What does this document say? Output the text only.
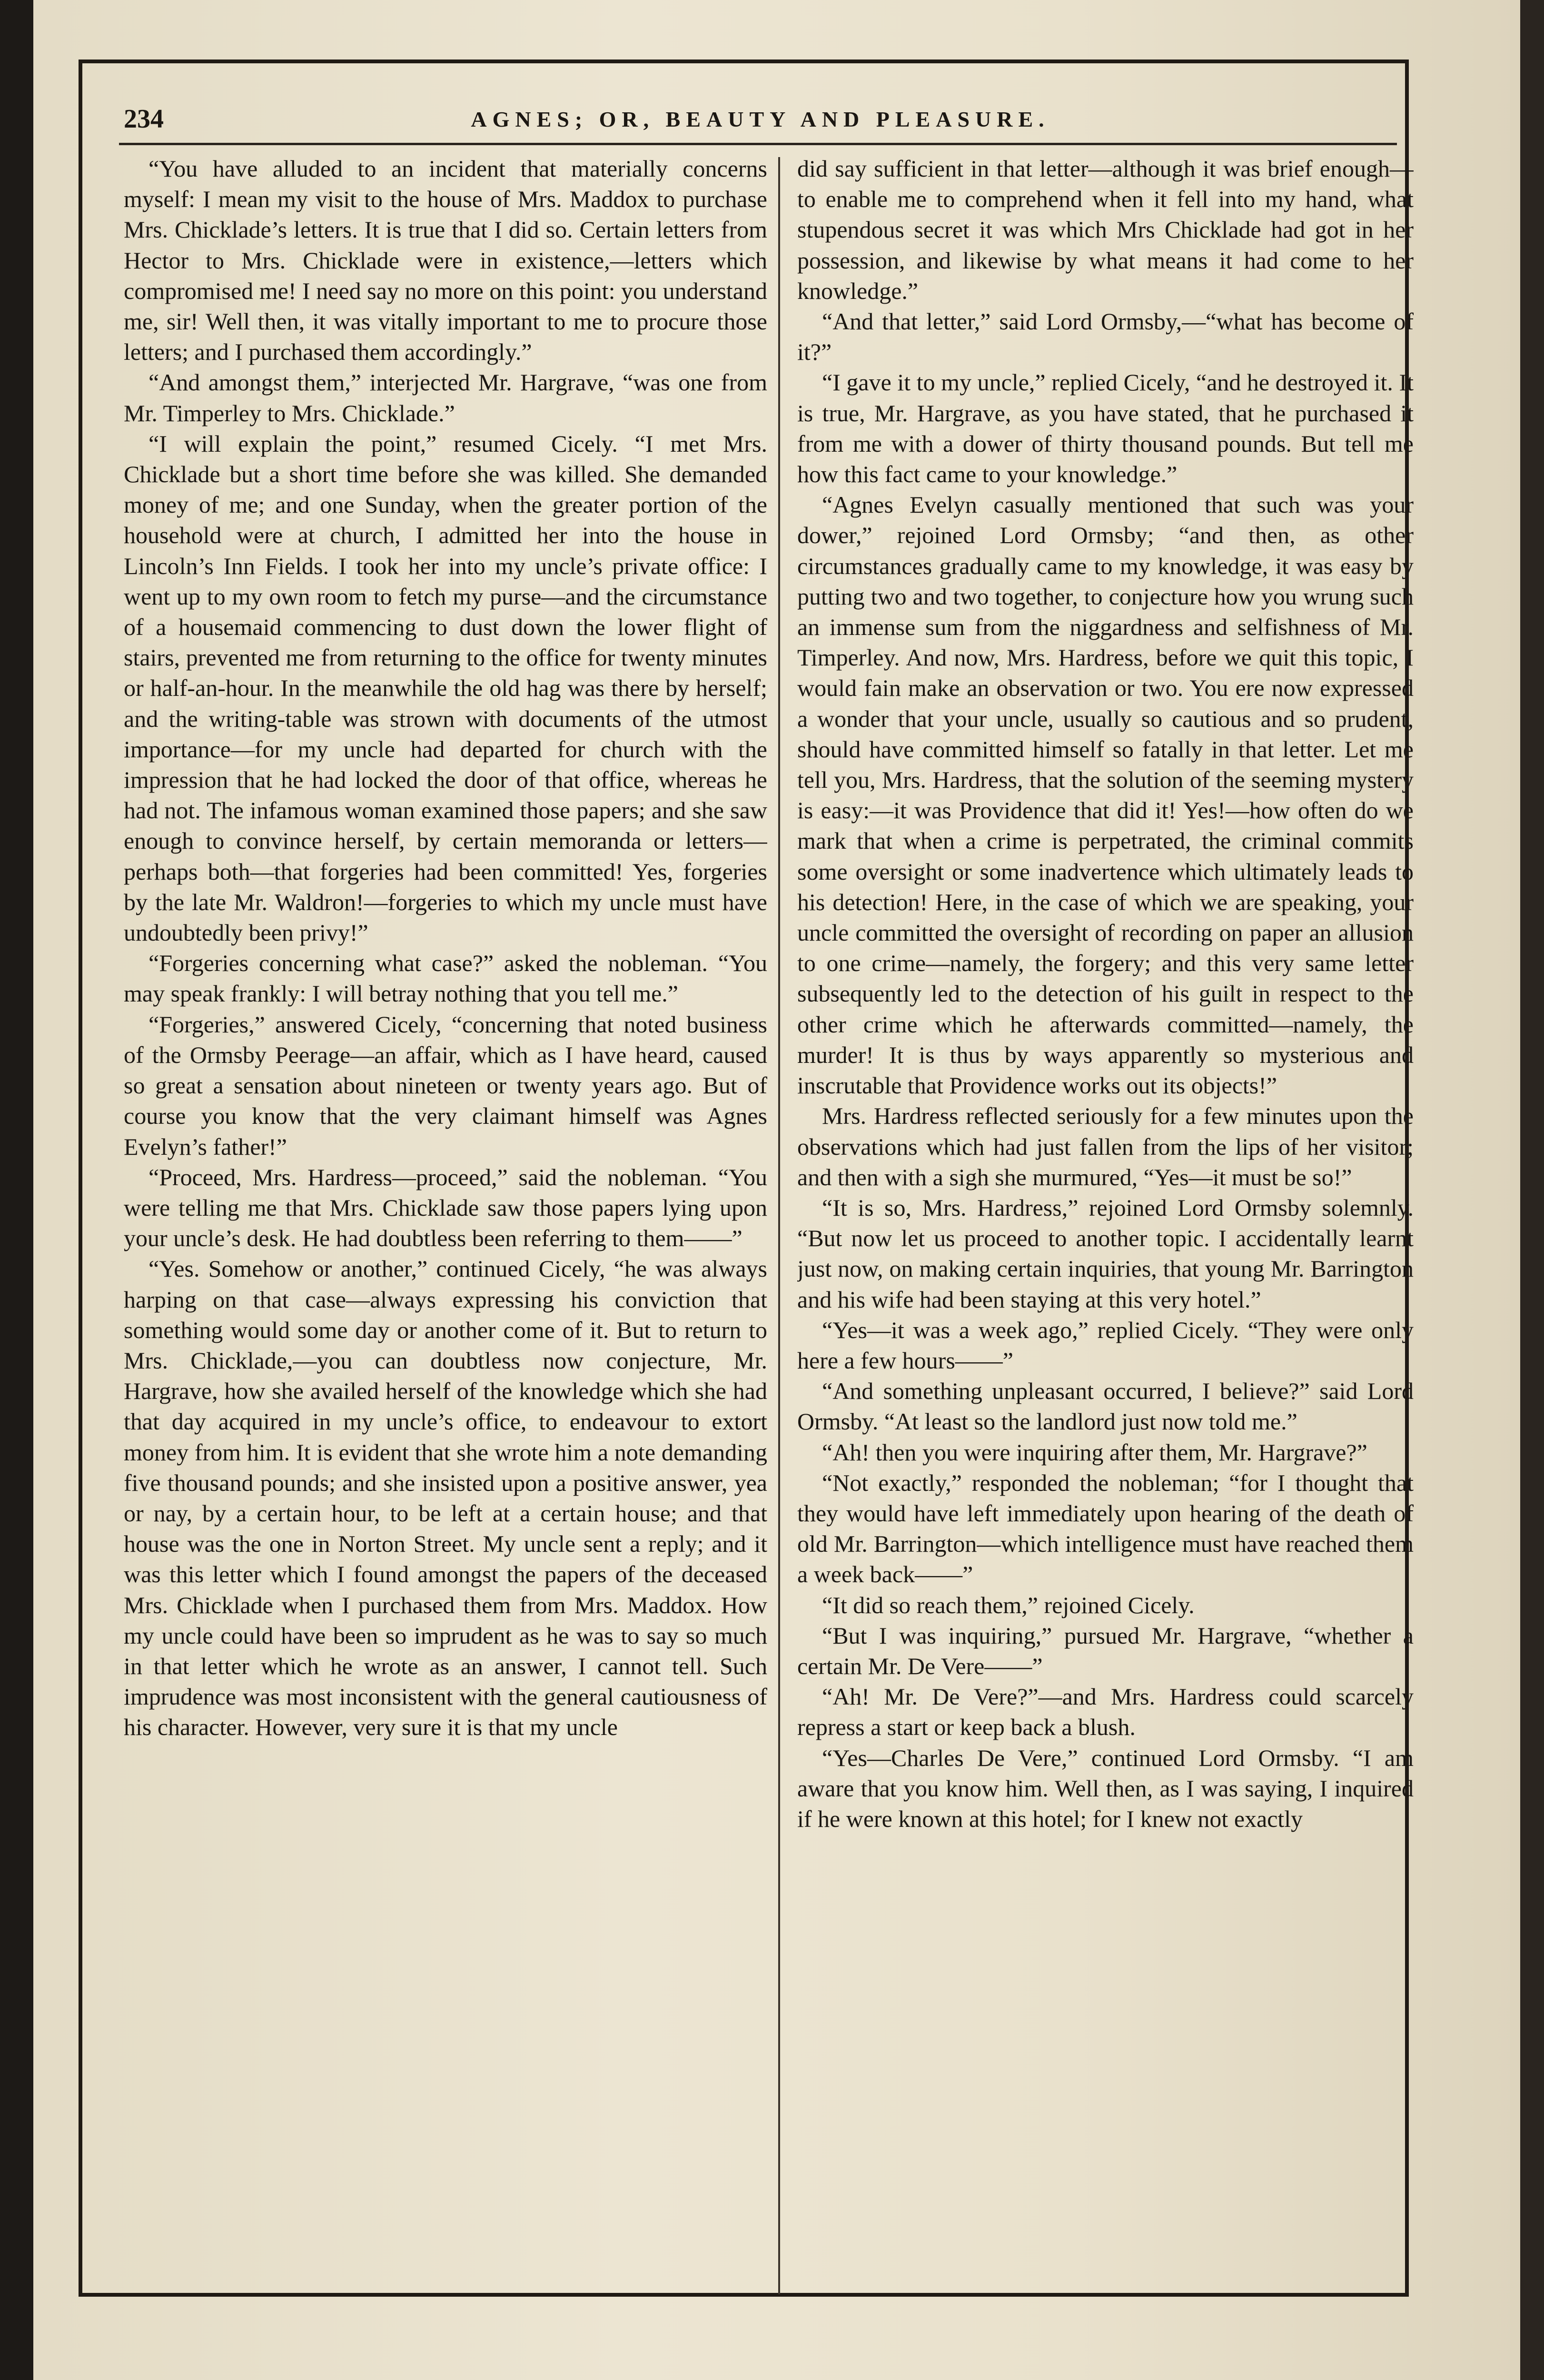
234	AGNES; OR, BEAUTY AND PLEASURE.

“You have alluded to an incident that materially concerns myself: I mean my visit to the house of Mrs. Maddox to purchase Mrs. Chicklade’s letters. It is true that I did so. Certain letters from Hector to Mrs. Chicklade were in existence,—letters which compromised me! I need say no more on this point: you understand me, sir! Well then, it was vitally important to me to procure those letters; and I purchased them accordingly.”

“And amongst them,” interjected Mr. Hargrave, “was one from Mr. Timperley to Mrs. Chicklade.”

“I will explain the point,” resumed Cicely. “I met Mrs. Chicklade but a short time before she was killed. She demanded money of me; and one Sunday, when the greater portion of the household were at church, I admitted her into the house in Lincoln’s Inn Fields. I took her into my uncle’s private office: I went up to my own room to fetch my purse—and the circumstance of a housemaid commencing to dust down the lower flight of stairs, prevented me from returning to the office for twenty minutes or half-an-hour. In the meanwhile the old hag was there by herself; and the writing-table was strown with documents of the utmost importance—for my uncle had departed for church with the impression that he had locked the door of that office, whereas he had not. The infamous woman examined those papers; and she saw enough to convince herself, by certain memoranda or letters—perhaps both—that forgeries had been committed! Yes, forgeries by the late Mr. Waldron!—forgeries to which my uncle must have undoubtedly been privy!”

“Forgeries concerning what case?” asked the nobleman. “You may speak frankly: I will betray nothing that you tell me.”

“Forgeries,” answered Cicely, “concerning that noted business of the Ormsby Peerage—an affair, which as I have heard, caused so great a sensation about nineteen or twenty years ago. But of course you know that the very claimant himself was Agnes Evelyn’s father!”

“Proceed, Mrs. Hardress—proceed,” said the nobleman. “You were telling me that Mrs. Chicklade saw those papers lying upon your uncle’s desk. He had doubtless been referring to them——”

“Yes. Somehow or another,” continued Cicely, “he was always harping on that case—always expressing his conviction that something would some day or another come of it. But to return to Mrs. Chicklade,—you can doubtless now conjecture, Mr. Hargrave, how she availed herself of the knowledge which she had that day acquired in my uncle’s office, to endeavour to extort money from him. It is evident that she wrote him a note demanding five thousand pounds; and she insisted upon a positive answer, yea or nay, by a certain hour, to be left at a certain house; and that house was the one in Norton Street. My uncle sent a reply; and it was this letter which I found amongst the papers of the deceased Mrs. Chicklade when I purchased them from Mrs. Maddox. How my uncle could have been so imprudent as he was to say so much in that letter which he wrote as an answer, I cannot tell. Such imprudence was most inconsistent with the general cautiousness of his character. However, very sure it is that my uncle

did say sufficient in that letter—although it was brief enough—to enable me to comprehend when it fell into my hand, what stupendous secret it was which Mrs Chicklade had got in her possession, and likewise by what means it had come to her knowledge.”

“And that letter,” said Lord Ormsby,—“what has become of it?”

“I gave it to my uncle,” replied Cicely, “and he destroyed it. It is true, Mr. Hargrave, as you have stated, that he purchased it from me with a dower of thirty thousand pounds. But tell me how this fact came to your knowledge.”

“Agnes Evelyn casually mentioned that such was your dower,” rejoined Lord Ormsby; “and then, as other circumstances gradually came to my knowledge, it was easy by putting two and two together, to conjecture how you wrung such an immense sum from the niggardness and selfishness of Mr. Timperley. And now, Mrs. Hardress, before we quit this topic, I would fain make an observation or two. You ere now expressed a wonder that your uncle, usually so cautious and so prudent, should have committed himself so fatally in that letter. Let me tell you, Mrs. Hardress, that the solution of the seeming mystery is easy:—it was Providence that did it! Yes!—how often do we mark that when a crime is perpetrated, the criminal commits some oversight or some inadvertence which ultimately leads to his detection! Here, in the case of which we are speaking, your uncle committed the oversight of recording on paper an allusion to one crime—namely, the forgery; and this very same letter subsequently led to the detection of his guilt in respect to the other crime which he afterwards committed—namely, the murder! It is thus by ways apparently so mysterious and inscrutable that Providence works out its objects!”

Mrs. Hardress reflected seriously for a few minutes upon the observations which had just fallen from the lips of her visitor; and then with a sigh she murmured, “Yes—it must be so!”

“It is so, Mrs. Hardress,” rejoined Lord Ormsby solemnly. “But now let us proceed to another topic. I accidentally learnt just now, on making certain inquiries, that young Mr. Barrington and his wife had been staying at this very hotel.”

“Yes—it was a week ago,” replied Cicely. “They were only here a few hours——”

“And something unpleasant occurred, I believe?” said Lord Ormsby. “At least so the landlord just now told me.”

“Ah! then you were inquiring after them, Mr. Hargrave?”

“Not exactly,” responded the nobleman; “for I thought that they would have left immediately upon hearing of the death of old Mr. Barrington—which intelligence must have reached them a week back——”

“It did so reach them,” rejoined Cicely.

“But I was inquiring,” pursued Mr. Hargrave, “whether a certain Mr. De Vere——”

“Ah! Mr. De Vere?”—and Mrs. Hardress could scarcely repress a start or keep back a blush.

“Yes—Charles De Vere,” continued Lord Ormsby. “I am aware that you know him. Well then, as I was saying, I inquired if he were known at this hotel; for I knew not exactly
